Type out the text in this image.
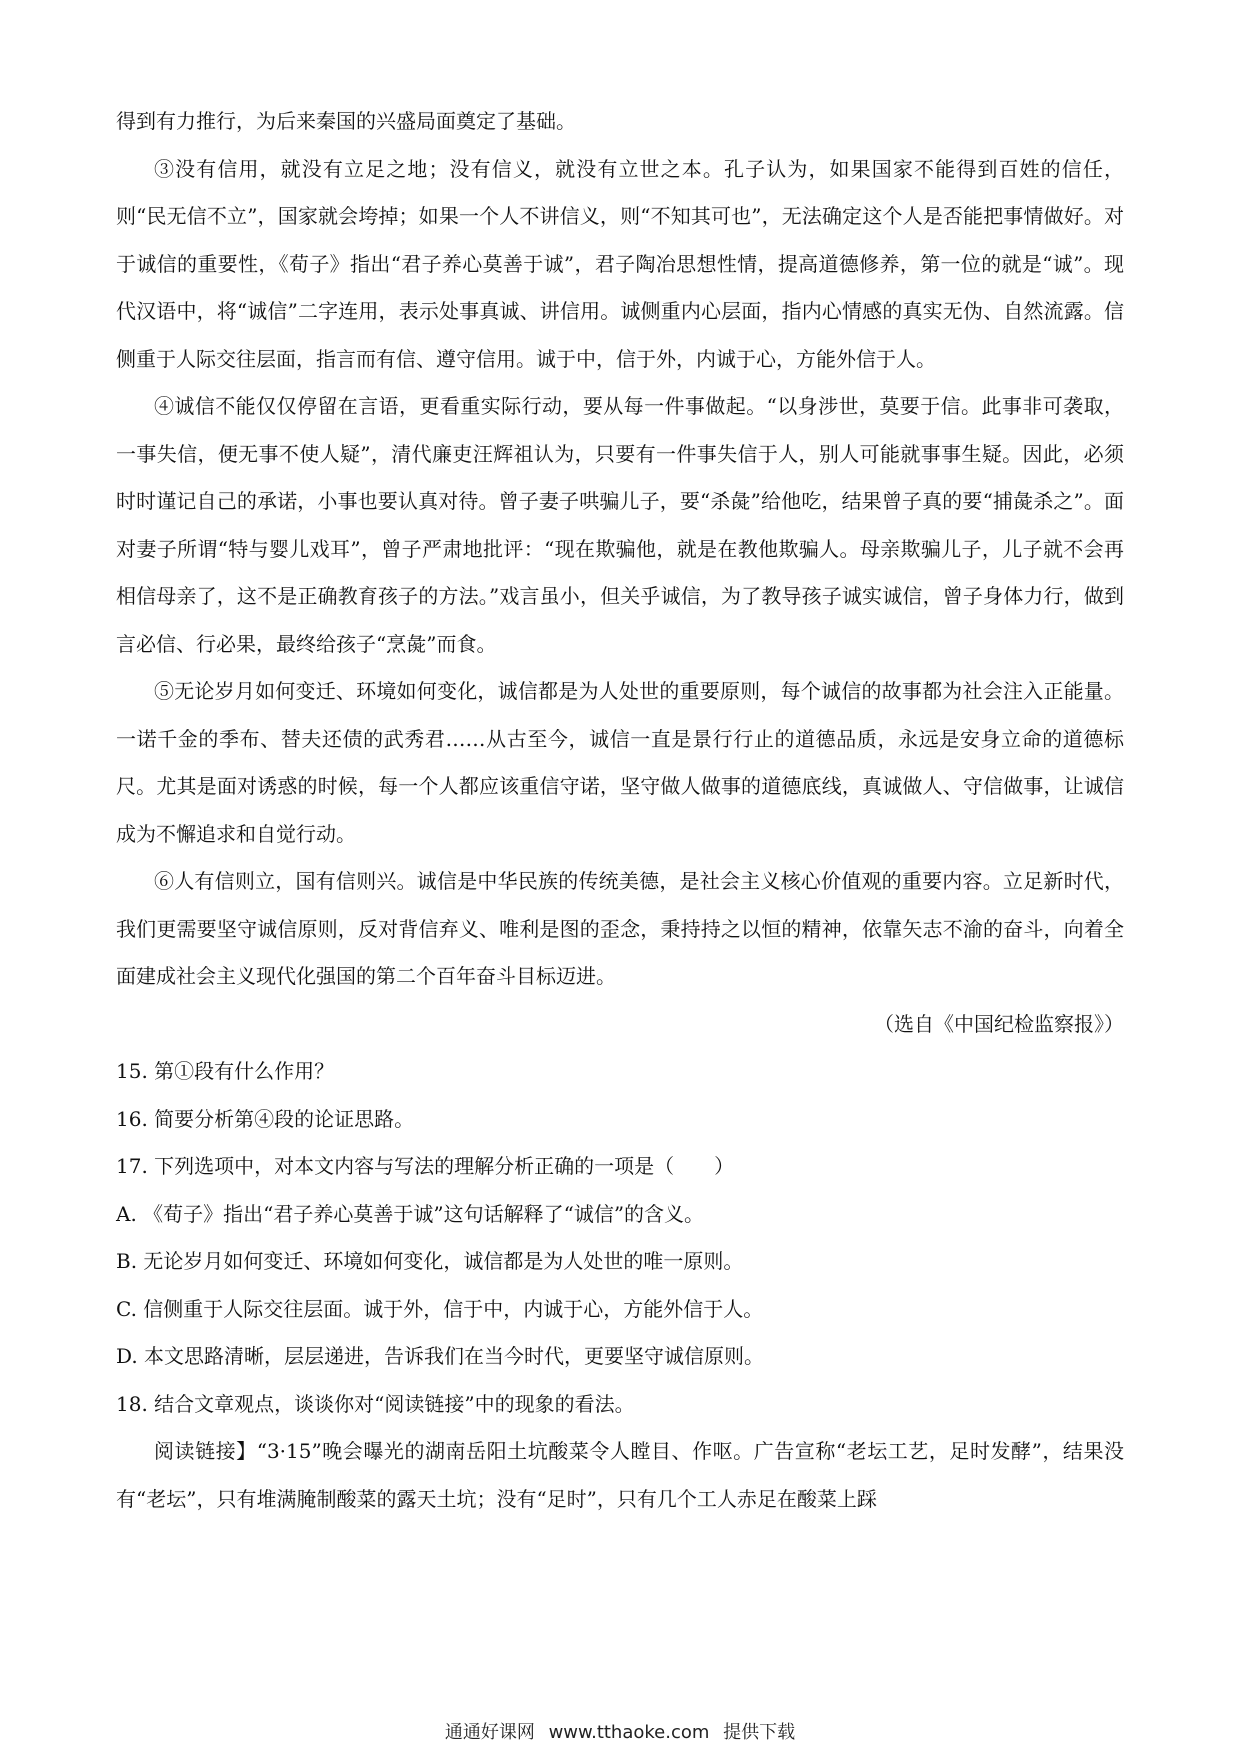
得到有力推行，为后来秦国的兴盛局面奠定了基础。

③没有信用，就没有立足之地；没有信义，就没有立世之本。孔子认为，如果国家不能得到百姓的信任，则“民无信不立”，国家就会垮掉；如果一个人不讲信义，则“不知其可也”，无法确定这个人是否能把事情做好。对于诚信的重要性，《荀子》指出“君子养心莫善于诚”，君子陶冶思想性情，提高道德修养，第一位的就是“诚”。现代汉语中，将“诚信”二字连用，表示处事真诚、讲信用。诚侧重内心层面，指内心情感的真实无伪、自然流露。信侧重于人际交往层面，指言而有信、遵守信用。诚于中，信于外，内诚于心，方能外信于人。

④诚信不能仅仅停留在言语，更看重实际行动，要从每一件事做起。“以身涉世，莫要于信。此事非可袭取，一事失信，便无事不使人疑”，清代廉吏汪辉祖认为，只要有一件事失信于人，别人可能就事事生疑。因此，必须时时谨记自己的承诺，小事也要认真对待。曾子妻子哄骗儿子，要“杀彘”给他吃，结果曾子真的要“捕彘杀之”。面对妻子所谓“特与婴儿戏耳”，曾子严肃地批评：“现在欺骗他，就是在教他欺骗人。母亲欺骗儿子，儿子就不会再相信母亲了，这不是正确教育孩子的方法。”戏言虽小，但关乎诚信，为了教导孩子诚实诚信，曾子身体力行，做到言必信、行必果，最终给孩子“烹彘”而食。

⑤无论岁月如何变迁、环境如何变化，诚信都是为人处世的重要原则，每个诚信的故事都为社会注入正能量。一诺千金的季布、替夫还债的武秀君……从古至今，诚信一直是景行行止的道德品质，永远是安身立命的道德标尺。尤其是面对诱惑的时候，每一个人都应该重信守诺，坚守做人做事的道德底线，真诚做人、守信做事，让诚信成为不懈追求和自觉行动。

⑥人有信则立，国有信则兴。诚信是中华民族的传统美德，是社会主义核心价值观的重要内容。立足新时代，我们更需要坚守诚信原则，反对背信弃义、唯利是图的歪念，秉持持之以恒的精神，依靠矢志不渝的奋斗，向着全面建成社会主义现代化强国的第二个百年奋斗目标迈进。

（选自《中国纪检监察报》）

15. 第①段有什么作用？

16. 简要分析第④段的论证思路。

17. 下列选项中，对本文内容与写法的理解分析正确的一项是（　　）

A. 《荀子》指出“君子养心莫善于诚”这句话解释了“诚信”的含义。

B. 无论岁月如何变迁、环境如何变化，诚信都是为人处世的唯一原则。

C. 信侧重于人际交往层面。诚于外，信于中，内诚于心，方能外信于人。

D. 本文思路清晰，层层递进，告诉我们在当今时代，更要坚守诚信原则。

18. 结合文章观点，谈谈你对“阅读链接”中的现象的看法。

阅读链接】“3·15”晚会曝光的湖南岳阳土坑酸菜令人瞠目、作呕。广告宣称“老坛工艺，足时发酵”，结果没有“老坛”，只有堆满腌制酸菜的露天土坑；没有“足时”，只有几个工人赤足在酸菜上踩

通通好课网 www.tthaoke.com 提供下载
